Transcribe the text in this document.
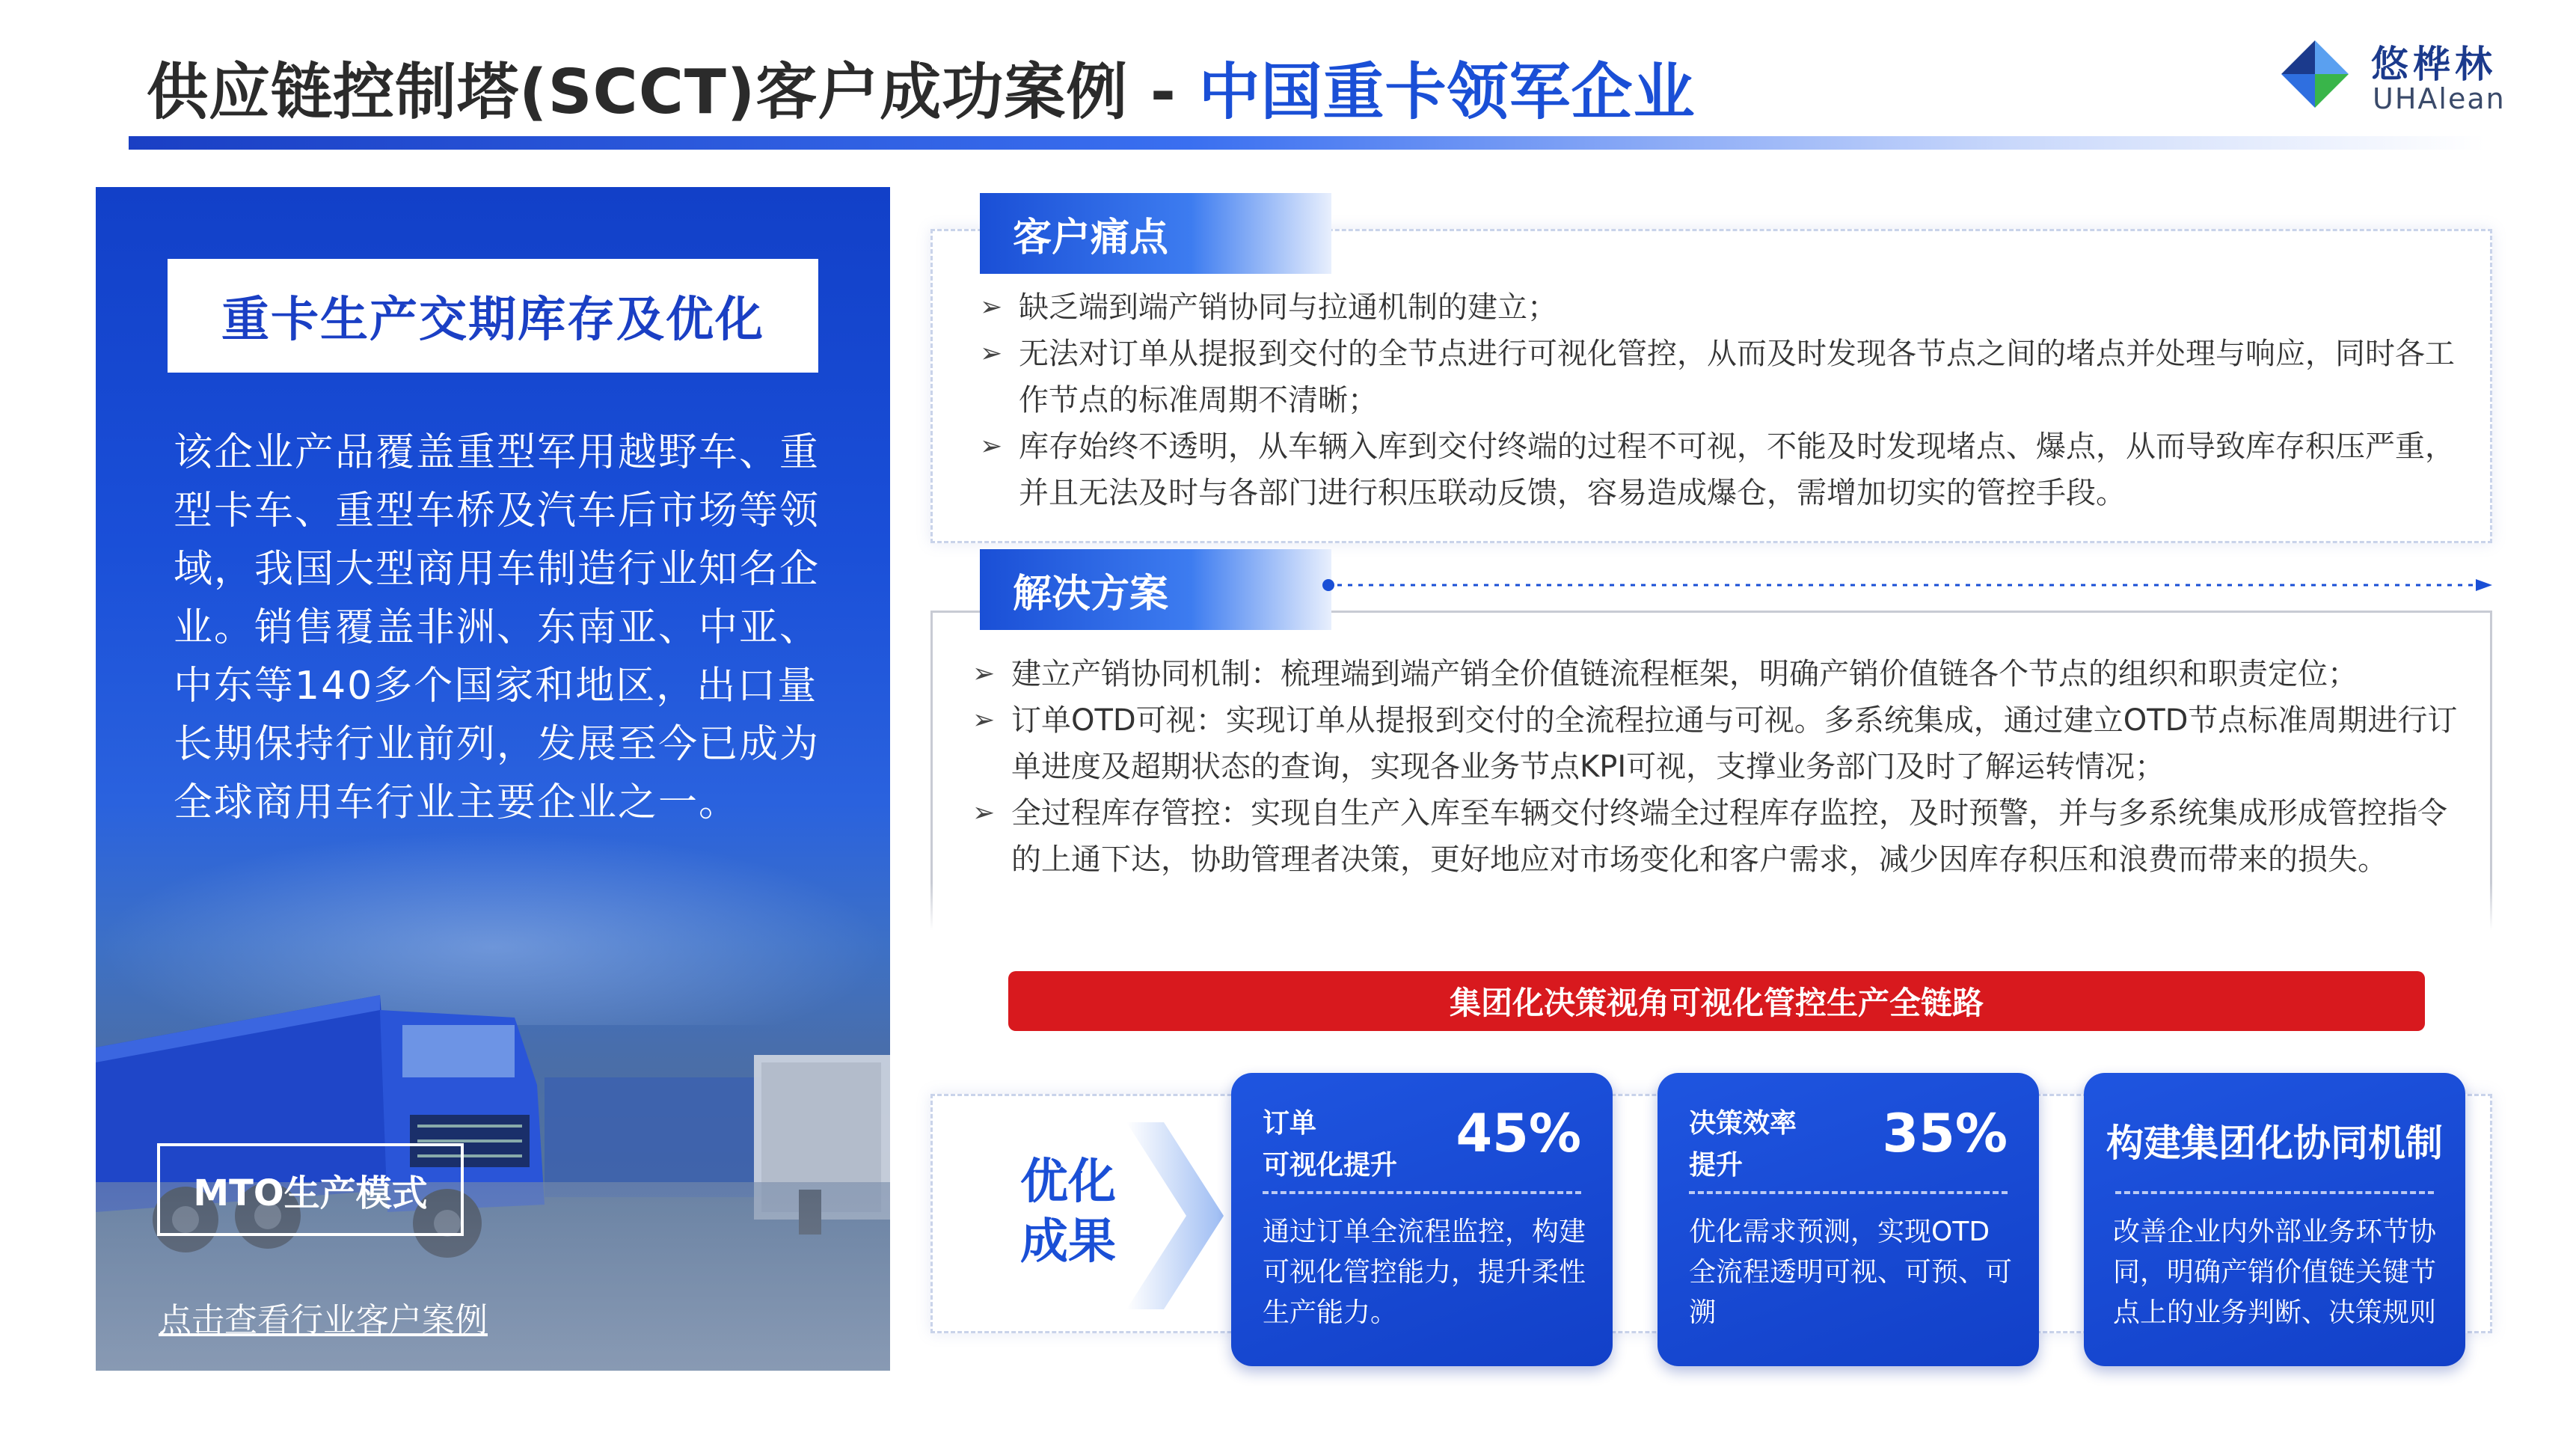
供应链控制塔(SCCT)客户成功案例 - 中国重卡领军企业	悠桦林
UHAlean
重卡生产交期库存及优化
该企业产品覆盖重型军用越野车、重型卡车、重型车桥及汽车后市场等领域，我国大型商用车制造行业知名企业。销售覆盖非洲、东南亚、中亚、中东等140多个国家和地区，出口量长期保持行业前列，发展至今已成为全球商用车行业主要企业之一。
MTO生产模式
点击查看行业客户案例
客户痛点
➢ 缺乏端到端产销协同与拉通机制的建立；
➢ 无法对订单从提报到交付的全节点进行可视化管控，从而及时发现各节点之间的堵点并处理与响应，同时各工作节点的标准周期不清晰；
➢ 库存始终不透明，从车辆入库到交付终端的过程不可视，不能及时发现堵点、爆点，从而导致库存积压严重，并且无法及时与各部门进行积压联动反馈，容易造成爆仓，需增加切实的管控手段。
解决方案
➢ 建立产销协同机制：梳理端到端产销全价值链流程框架，明确产销价值链各个节点的组织和职责定位；
➢ 订单OTD可视：实现订单从提报到交付的全流程拉通与可视。多系统集成，通过建立OTD节点标准周期进行订单进度及超期状态的查询，实现各业务节点KPI可视，支撑业务部门及时了解运转情况；
➢ 全过程库存管控：实现自生产入库至车辆交付终端全过程库存监控，及时预警，并与多系统集成形成管控指令的上通下达，协助管理者决策，更好地应对市场变化和客户需求，减少因库存积压和浪费而带来的损失。
集团化决策视角可视化管控生产全链路
优化
成果
订单
可视化提升
45%
通过订单全流程监控，构建可视化管控能力，提升柔性生产能力。
决策效率
提升
35%
优化需求预测，实现OTD全流程透明可视、可预、可溯
构建集团化协同机制
改善企业内外部业务环节协同，明确产销价值链关键节点上的业务判断、决策规则
